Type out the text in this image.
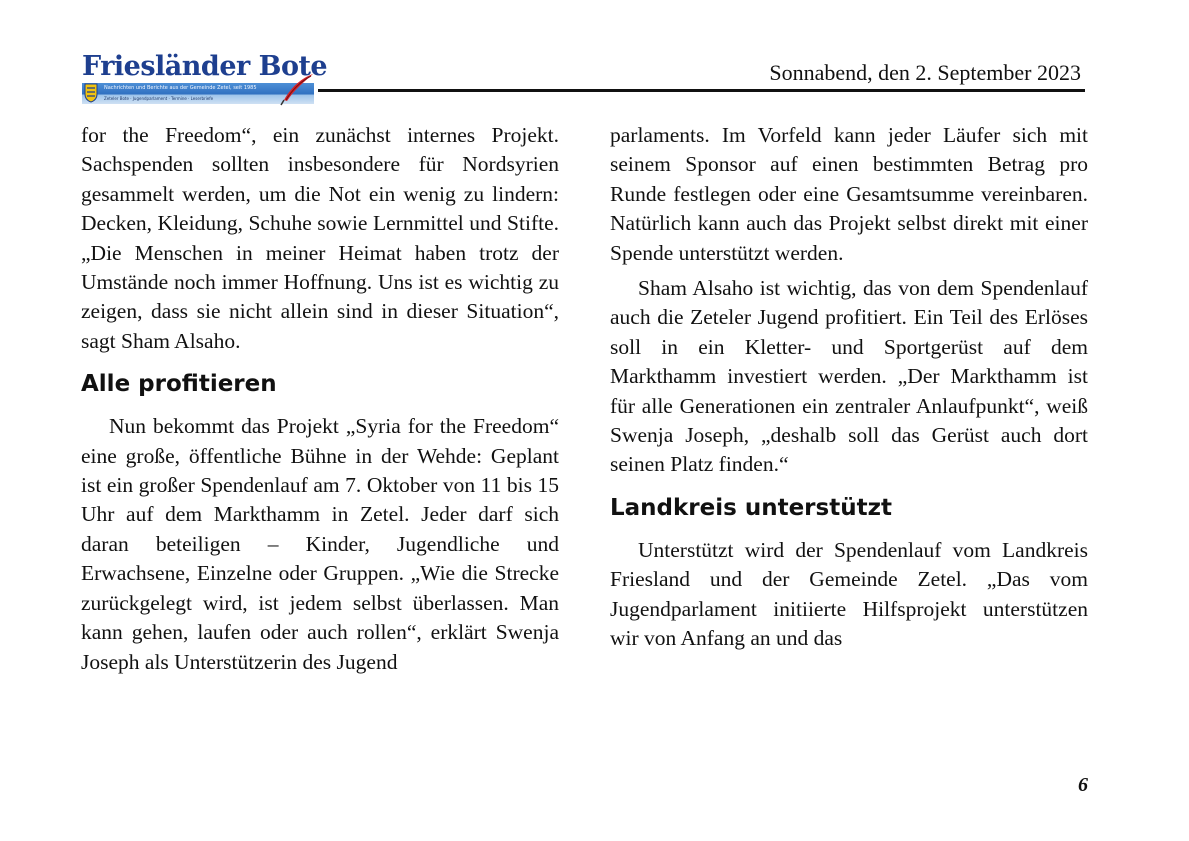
Friesländer Bote
Nachrichten und Berichte aus der Gemeinde Zetel, seit 1985
Zeteler Bote · Jugendparlament · Termine · Leserbriefe
Sonnabend, den 2. September 2023

for the Freedom“, ein zunächst internes Projekt. Sachspenden sollten insbesondere für Nordsyrien gesammelt werden, um die Not ein wenig zu lindern: Decken, Kleidung, Schuhe sowie Lernmittel und Stifte. „Die Menschen in meiner Heimat haben trotz der Umstände noch immer Hoffnung. Uns ist es wichtig zu zeigen, dass sie nicht allein sind in dieser Situation“, sagt Sham Alsaho.

Alle profitieren

Nun bekommt das Projekt „Syria for the Freedom“ eine große, öffentliche Bühne in der Wehde: Geplant ist ein großer Spendenlauf am 7. Oktober von 11 bis 15 Uhr auf dem Markthamm in Zetel. Jeder darf sich daran beteiligen – Kinder, Jugendliche und Erwachsene, Einzelne oder Gruppen. „Wie die Strecke zurückgelegt wird, ist jedem selbst überlassen. Man kann gehen, laufen oder auch rollen“, erklärt Swenja Joseph als Unterstützerin des Jugend

parlaments. Im Vorfeld kann jeder Läufer sich mit seinem Sponsor auf einen bestimmten Betrag pro Runde festlegen oder eine Gesamtsumme vereinbaren. Natürlich kann auch das Projekt selbst direkt mit einer Spende unterstützt werden.

Sham Alsaho ist wichtig, das von dem Spendenlauf auch die Zeteler Jugend profitiert. Ein Teil des Erlöses soll in ein Kletter- und Sportgerüst auf dem Markthamm investiert werden. „Der Markthamm ist für alle Generationen ein zentraler Anlaufpunkt“, weiß Swenja Joseph, „deshalb soll das Gerüst auch dort seinen Platz finden.“

Landkreis unterstützt

Unterstützt wird der Spendenlauf vom Landkreis Friesland und der Gemeinde Zetel. „Das vom Jugendparlament initiierte Hilfsprojekt unterstützen wir von Anfang an und das

6
